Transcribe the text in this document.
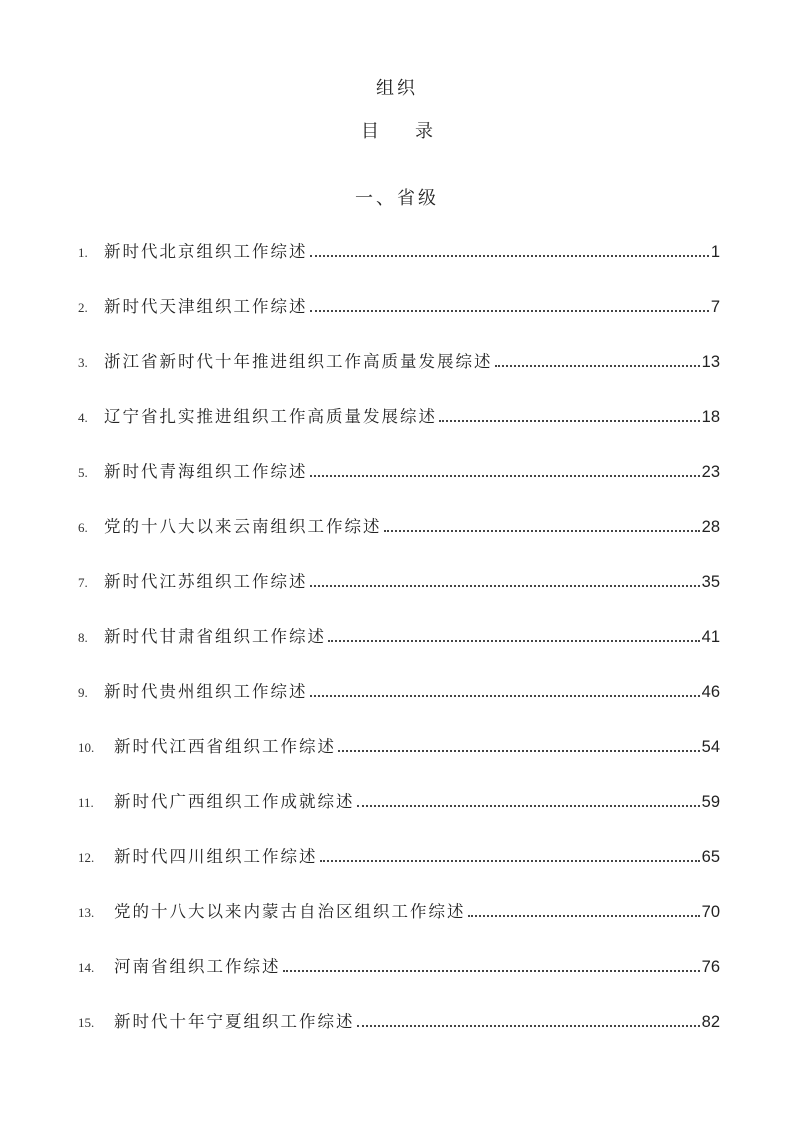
组织
目 录
一、省级
1. 新时代北京组织工作综述	1
2. 新时代天津组织工作综述	7
3. 浙江省新时代十年推进组织工作高质量发展综述	13
4. 辽宁省扎实推进组织工作高质量发展综述	18
5. 新时代青海组织工作综述	23
6. 党的十八大以来云南组织工作综述	28
7. 新时代江苏组织工作综述	35
8. 新时代甘肃省组织工作综述	41
9. 新时代贵州组织工作综述	46
10.	新时代江西省组织工作综述	54
11.	新时代广西组织工作成就综述	59
12.	新时代四川组织工作综述	65
13.	党的十八大以来内蒙古自治区组织工作综述	70
14.	河南省组织工作综述	76
15.	新时代十年宁夏组织工作综述	82
